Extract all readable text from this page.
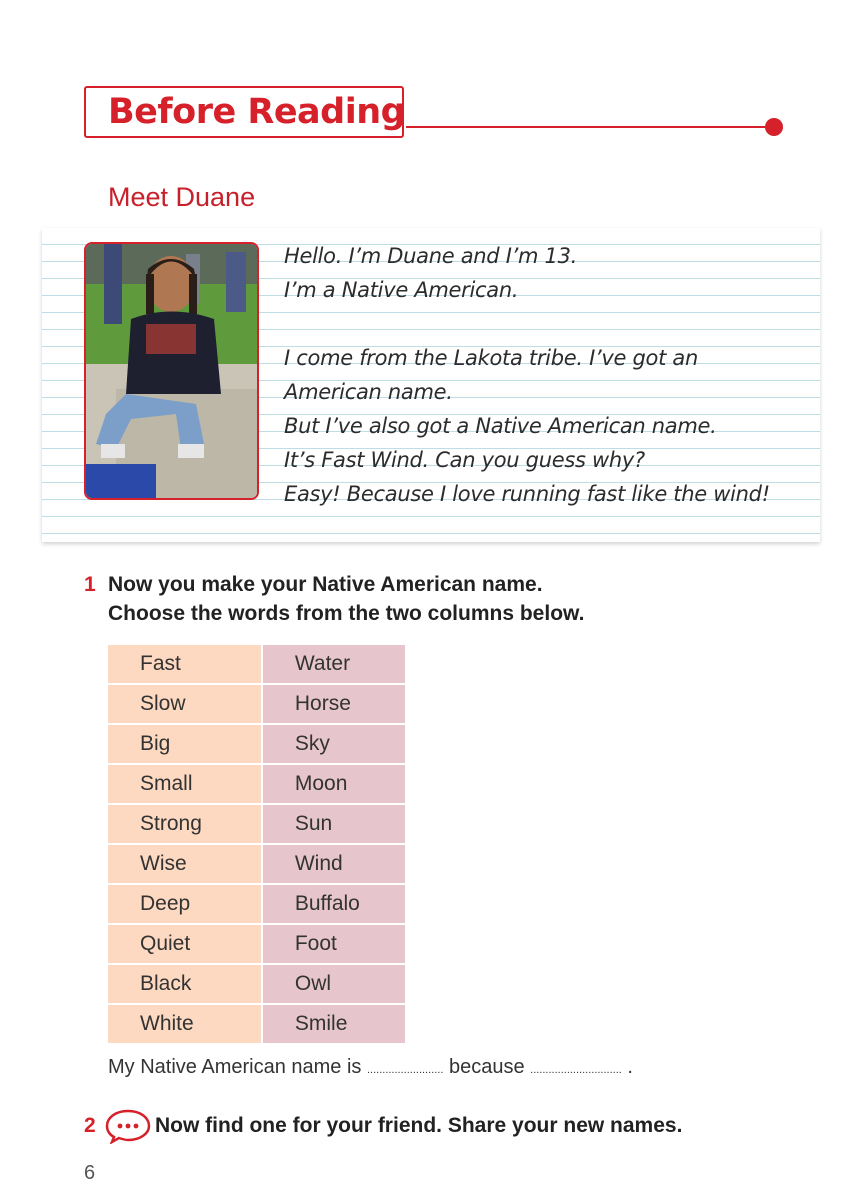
Before Reading
Meet Duane
Hello. I’m Duane and I’m 13.
I’m a Native American.
I come from the Lakota tribe. I’ve got an
American name.
But I’ve also got a Native American name.
It’s Fast Wind. Can you guess why?
Easy! Because I love running fast like the wind!
1 Now you make your Native American name.
Choose the words from the two columns below.
Fast	Water
Slow	Horse
Big	Sky
Small	Moon
Strong	Sun
Wise	Wind
Deep	Buffalo
Quiet	Foot
Black	Owl
White	Smile
My Native American name is ......................... because .............................. .
2	Now find one for your friend. Share your new names.
6
